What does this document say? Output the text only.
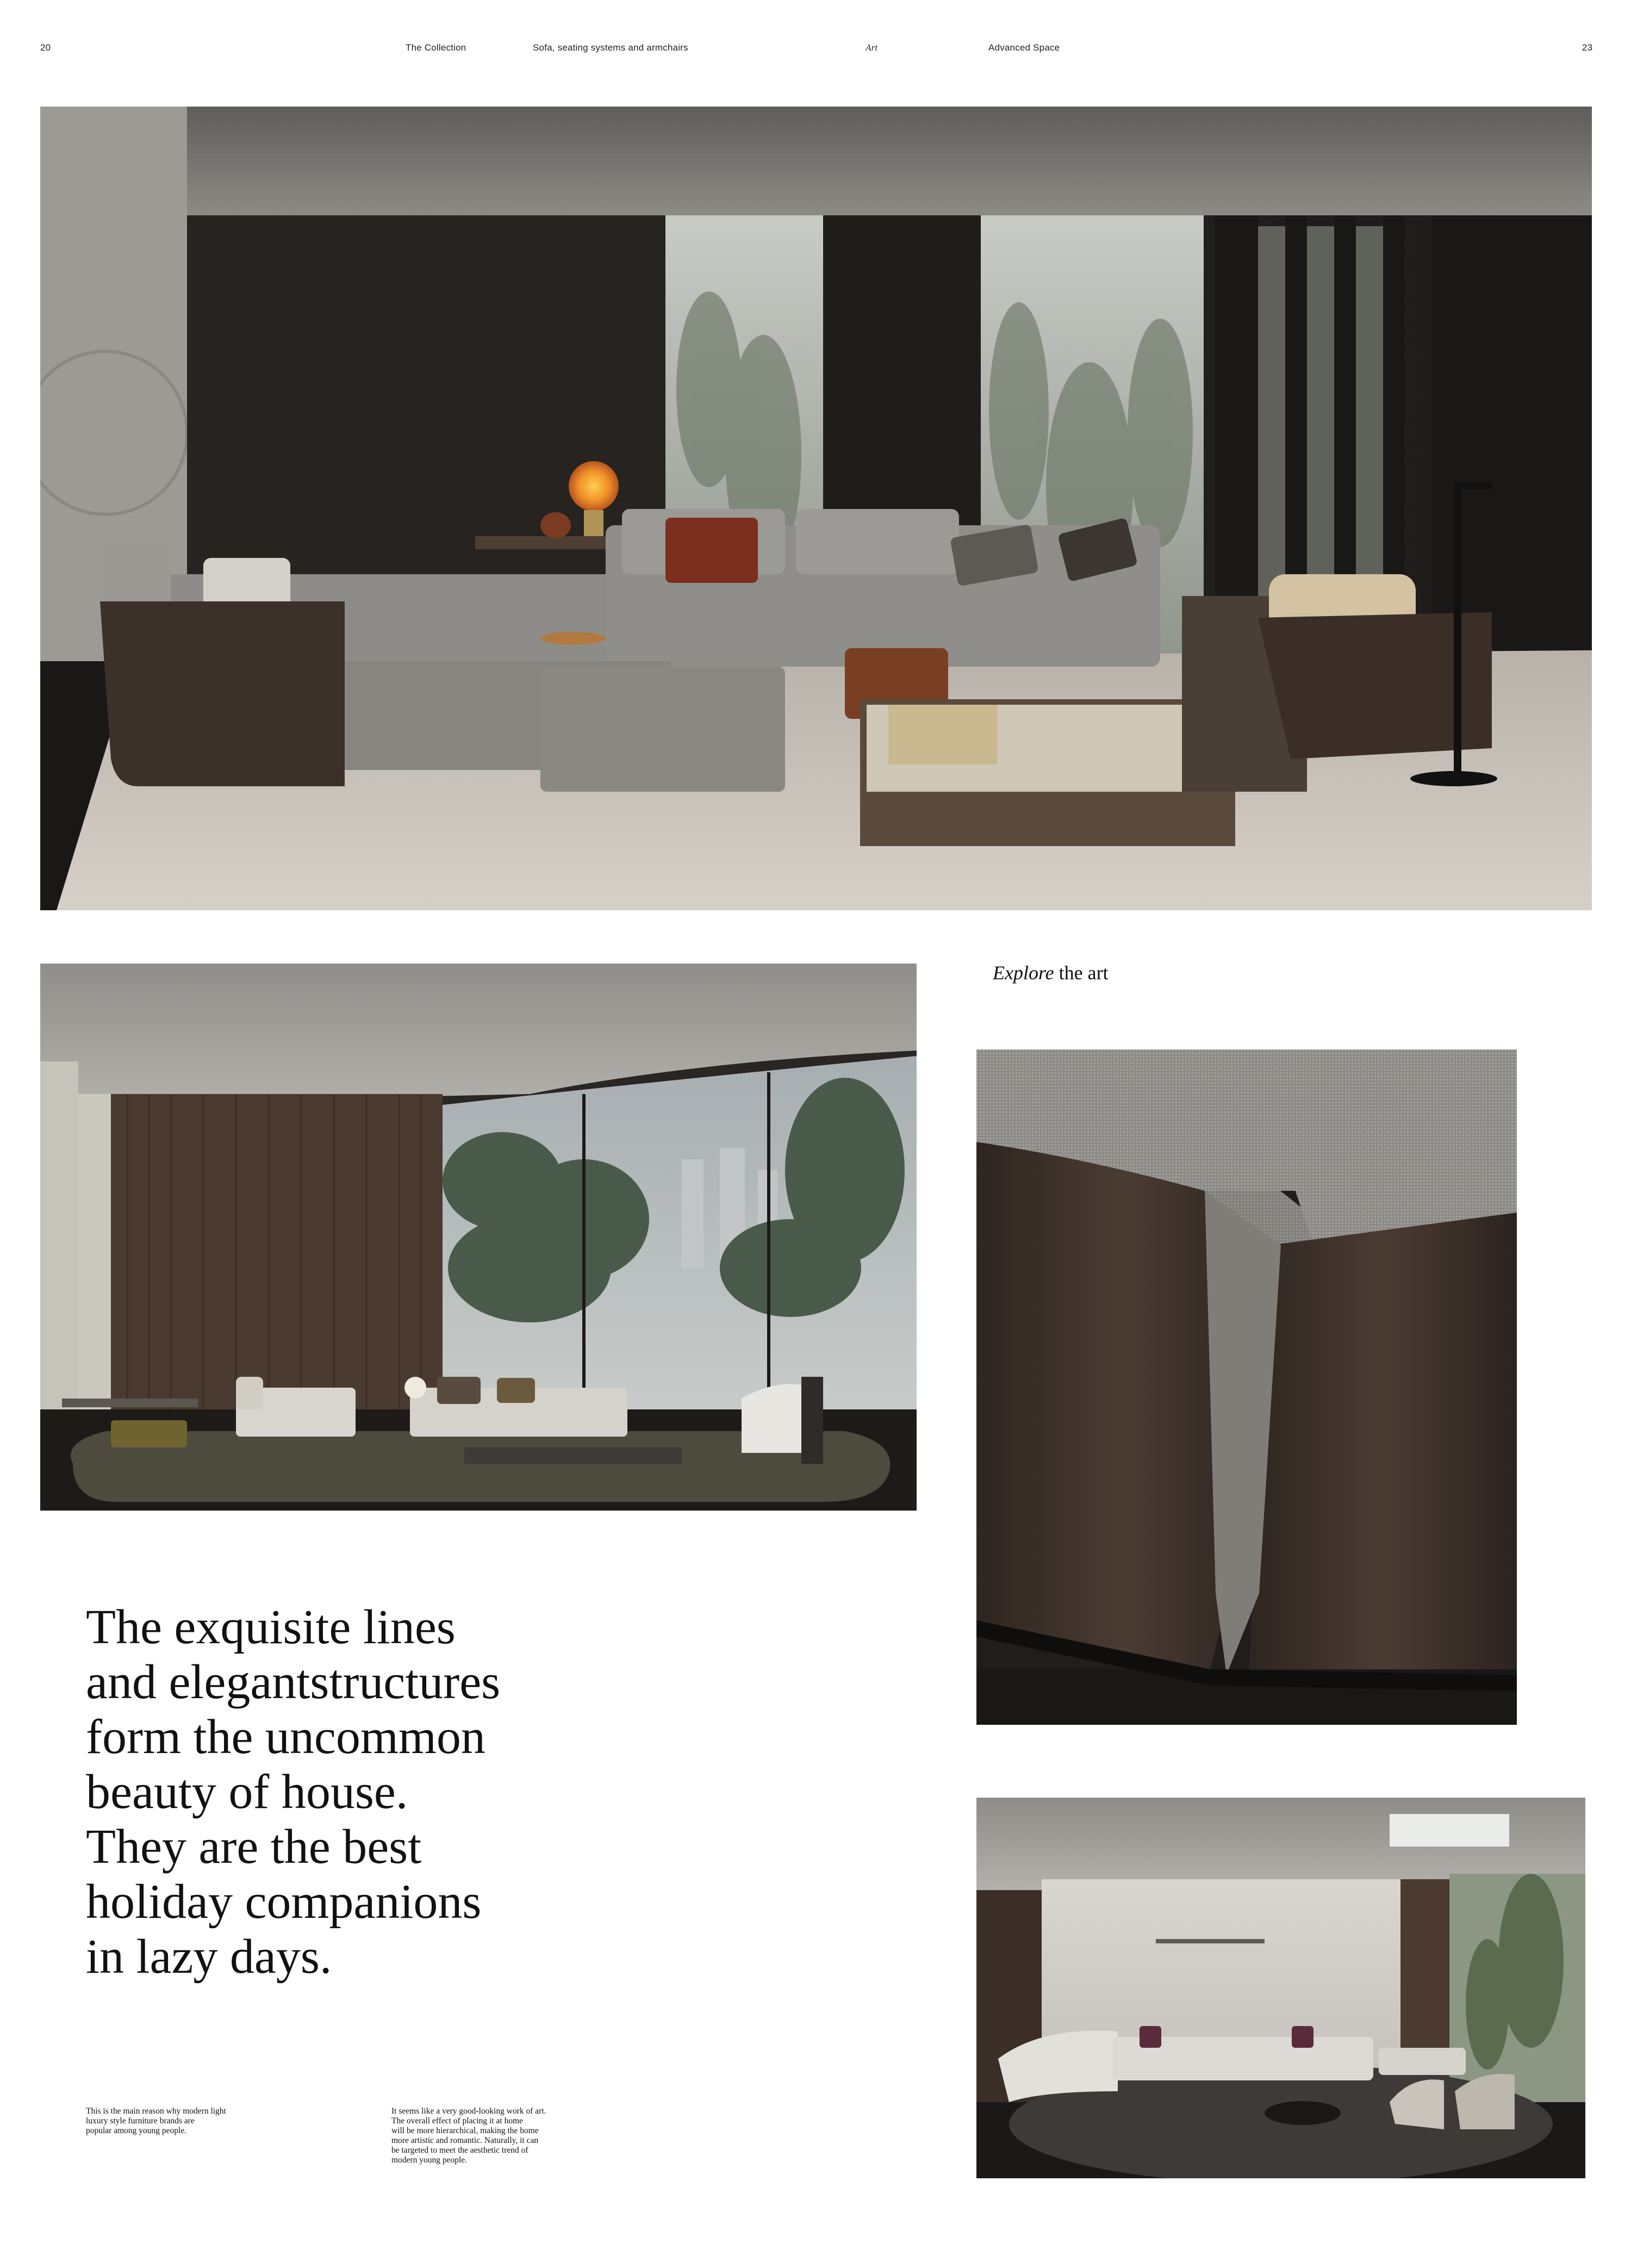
20	The Collection	Sofa, seating systems and armchairs	Art	Advanced Space	23
Explore the art
The exquisite lines
and elegantstructures
form the uncommon
beauty of house.
They are the best
holiday companions
in lazy days.
This is the main reason why modern light
luxury style furniture brands are
popular among young people.
It seems like a very good-looking work of art.
The overall effect of placing it at home
will be more hierarchical, making the home
more artistic and romantic. Naturally, it can
be targeted to meet the aesthetic trend of
modern young people.
